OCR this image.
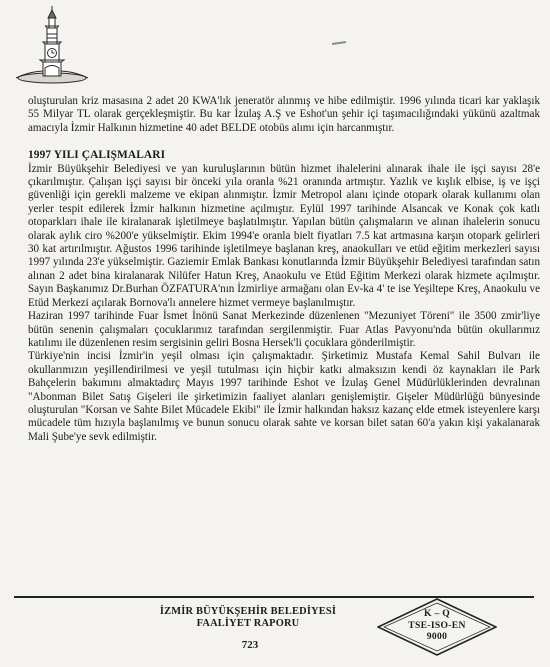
oluşturulan kriz masasına 2 adet 20 KWA'lık jeneratör alınmış ve hibe edilmiştir. 1996 yılında ticari kar yaklaşık 55 Milyar TL olarak gerçekleşmiştir. Bu kar İzulaş A.Ş ve Eshot'un şehir içi taşımacılığındaki yükünü azaltmak amacıyla İzmir Halkının hizmetine 40 adet BELDE otobüs alımı için harcanmıştır.

1997 YILI ÇALIŞMALARI

İzmir Büyükşehir Belediyesi ve yan kuruluşlarının bütün hizmet ihalelerini alınarak ihale ile işçi sayısı 28'e çıkarılmıştır. Çalışan işçi sayısı bir önceki yıla oranla %21 oranında artmıştır. Yazlık ve kışlık elbise, iş ve işçi güvenliği için gerekli malzeme ve ekipan alınmıştır. İzmir Metropol alanı içinde otopark olarak kullanımı olan yerler tespit edilerek İzmir halkının hizmetine açılmıştır. Eylül 1997 tarihinde Alsancak ve Konak çok katlı otoparkları ihale ile kiralanarak işletilmeye başlatılmıştır. Yapılan bütün çalışmaların ve alınan ihalelerin sonucu olarak aylık ciro %200'e yükselmiştir. Ekim 1994'e oranla bielt fiyatları 7.5 kat artmasına karşın otopark gelirleri 30 kat artırılmıştır. Ağustos 1996 tarihinde işletilmeye başlanan kreş, anaokulları ve etüd eğitim merkezleri sayısı 1997 yılında 23'e yükselmiştir. Gaziemir Emlak Bankası konutlarında İzmir Büyükşehir Belediyesi tarafından satın alınan 2 adet bina kiralanarak Nilüfer Hatun Kreş, Anaokulu ve Etüd Eğitim Merkezi olarak hizmete açılmıştır. Sayın Başkanımız Dr.Burhan ÖZFATURA'nın İzmirliye armağanı olan Ev-ka 4' te ise Yeşiltepe Kreş, Anaokulu ve Etüd Merkezi açılarak Bornova'lı annelere hizmet vermeye başlanılmıştır.

Haziran 1997 tarihinde Fuar İsmet İnönü Sanat Merkezinde düzenlenen "Mezuniyet Töreni" ile 3500 zmir'liye bütün senenin çalışmaları çocuklarımız tarafından sergilenmiştir. Fuar Atlas Pavyonu'nda bütün okullarımız katılımı ile düzenlenen resim sergisinin geliri Bosna Hersek'li çocuklara gönderilmiştir.

Türkiye'nin incisi İzmir'in yeşil olması için çalışmaktadır. Şirketimiz Mustafa Kemal Sahil Bulvarı ile okullarımızın yeşillendirilmesi ve yeşil tutulması için hiçbir katkı almaksızın kendi öz kaynakları ile Park Bahçelerin bakımını almaktadırç Mayıs 1997 tarihinde Eshot ve İzulaş Genel Müdürlüklerinden devralınan "Abonman Bilet Satış Gişeleri ile şirketimizin faaliyet alanları genişlemiştir. Gişeler Müdürlüğü bünyesinde oluşturulan "Korsan ve Sahte Bilet Mücadele Ekibi" ile İzmir halkından haksız kazanç elde etmek isteyenlere karşı mücadele tüm hızıyla başlanılmış ve bunun sonucu olarak sahte ve korsan bilet satan 60'a yakın kişi yakalanarak Mali Şube'ye sevk edilmiştir.

İZMİR BÜYÜKŞEHİR BELEDİYESİ
FAALİYET RAPORU
723
K – Q
TSE-ISO-EN
9000
